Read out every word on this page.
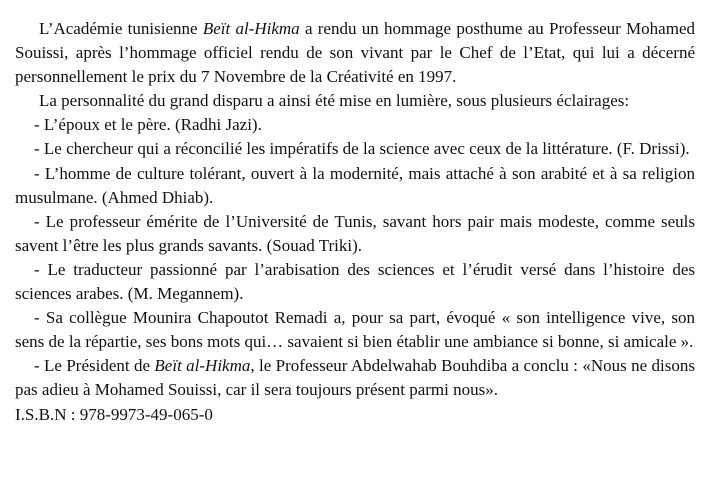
L’Académie tunisienne Beït al-Hikma a rendu un hommage posthume au Professeur Mohamed Souissi, après l’hommage officiel rendu de son vivant par le Chef de l’Etat, qui lui a décerné personnellement le prix du 7 Novembre de la Créativité en 1997.

La personnalité du grand disparu a ainsi été mise en lumière, sous plusieurs éclairages:

- L’époux et le père. (Radhi Jazi).

- Le chercheur qui a réconcilié les impératifs de la science avec ceux de la littérature. (F. Drissi).

- L’homme de culture tolérant, ouvert à la modernité, mais attaché à son arabité et à sa religion musulmane. (Ahmed Dhiab).

- Le professeur émérite de l’Université de Tunis, savant hors pair mais modeste, comme seuls savent l’être les plus grands savants. (Souad Triki).

- Le traducteur passionné par l’arabisation des sciences et l’érudit versé dans l’histoire des sciences arabes. (M. Megannem).

- Sa collègue Mounira Chapoutot Remadi a, pour sa part, évoqué « son intelligence vive, son sens de la répartie, ses bons mots qui… savaient si bien établir une ambiance si bonne, si amicale ».

- Le Président de Beït al-Hikma, le Professeur Abdelwahab Bouhdiba a conclu : «Nous ne disons pas adieu à Mohamed Souissi, car il sera toujours présent parmi nous».

I.S.B.N : 978-9973-49-065-0
